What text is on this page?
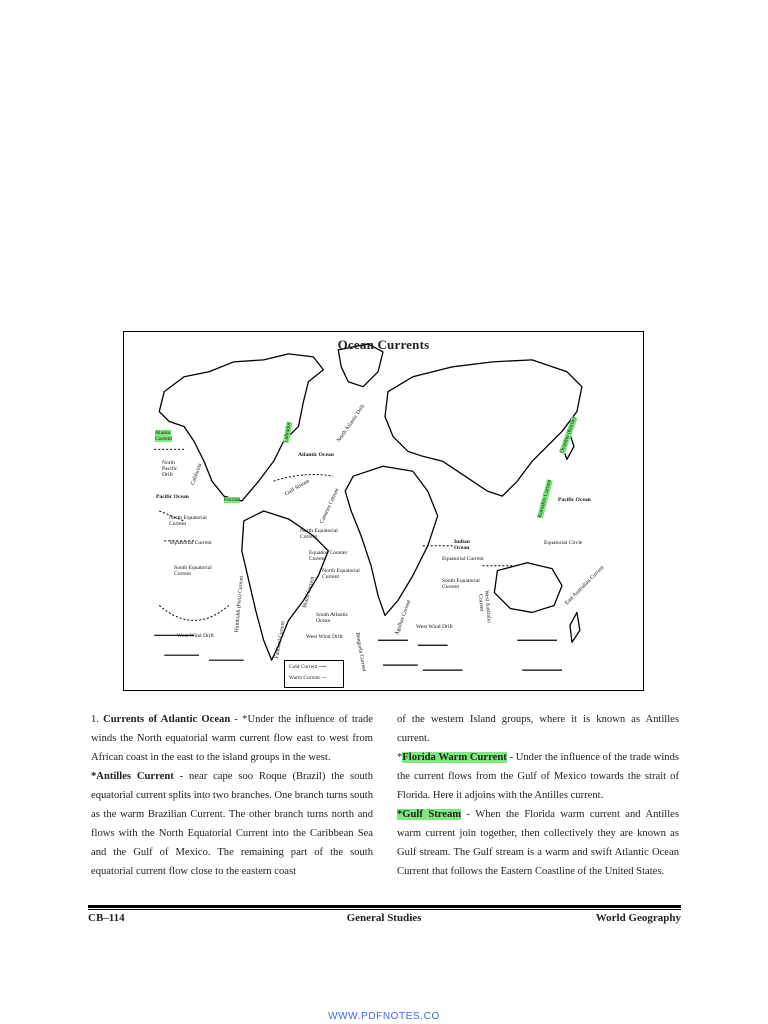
Ocean Currents
Alaska
Current
North
Pacific
Drift	California
Pacific Ocean	Pacific Ocean
North Equatorial
Current
Equatorial Current
South Equatorial
Current
West Wind Drift
Humboldt (Peru) Current
Falkland Current
Labrador	North Atlantic Drift
Atlantic Ocean
Gulf Stream Canaries Current
Florida
North Equatorial
Current
Equador Counter
Current
North Equatorial
Current
Brazil Current
South Atlantic
Ocean
West Wind Drift Benguela Current
Agulhas Current
Indian
Ocean
Equatorial Current
South Equatorial
Current
West Australia
Current
West Wind Drift
Oyashio (Kurile)
Kuroshio Current
Equatorial Circle
East Australian Current
Cold Current ⟶
Warm Current ⇢

1. Currents of Atlantic Ocean - *Under the influence of trade winds the North equatorial warm current flow east to west from African coast in the east to the island groups in the west.

*Antilles Current - near cape soo Roque (Brazil) the south equatorial current splits into two branches. One branch turns south as the warm Brazilian Current. The other branch turns north and flows with the North Equatorial Current into the Caribbean Sea and the Gulf of Mexico. The remaining part of the south equatorial current flow close to the eastern coast

of the western Island groups, where it is known as Antilles current.

*Florida Warm Current - Under the influence of the trade winds the current flows from the Gulf of Mexico towards the strait of Florida. Here it adjoins with the Antilles current.

*Gulf Stream - When the Florida warm current and Antilles warm current join together, then collectively they are known as Gulf stream. The Gulf stream is a warm and swift Atlantic Ocean Current that follows the Eastern Coastline of the United States.

CB–114	General Studies	World Geography
WWW.PDFNOTES.CO
